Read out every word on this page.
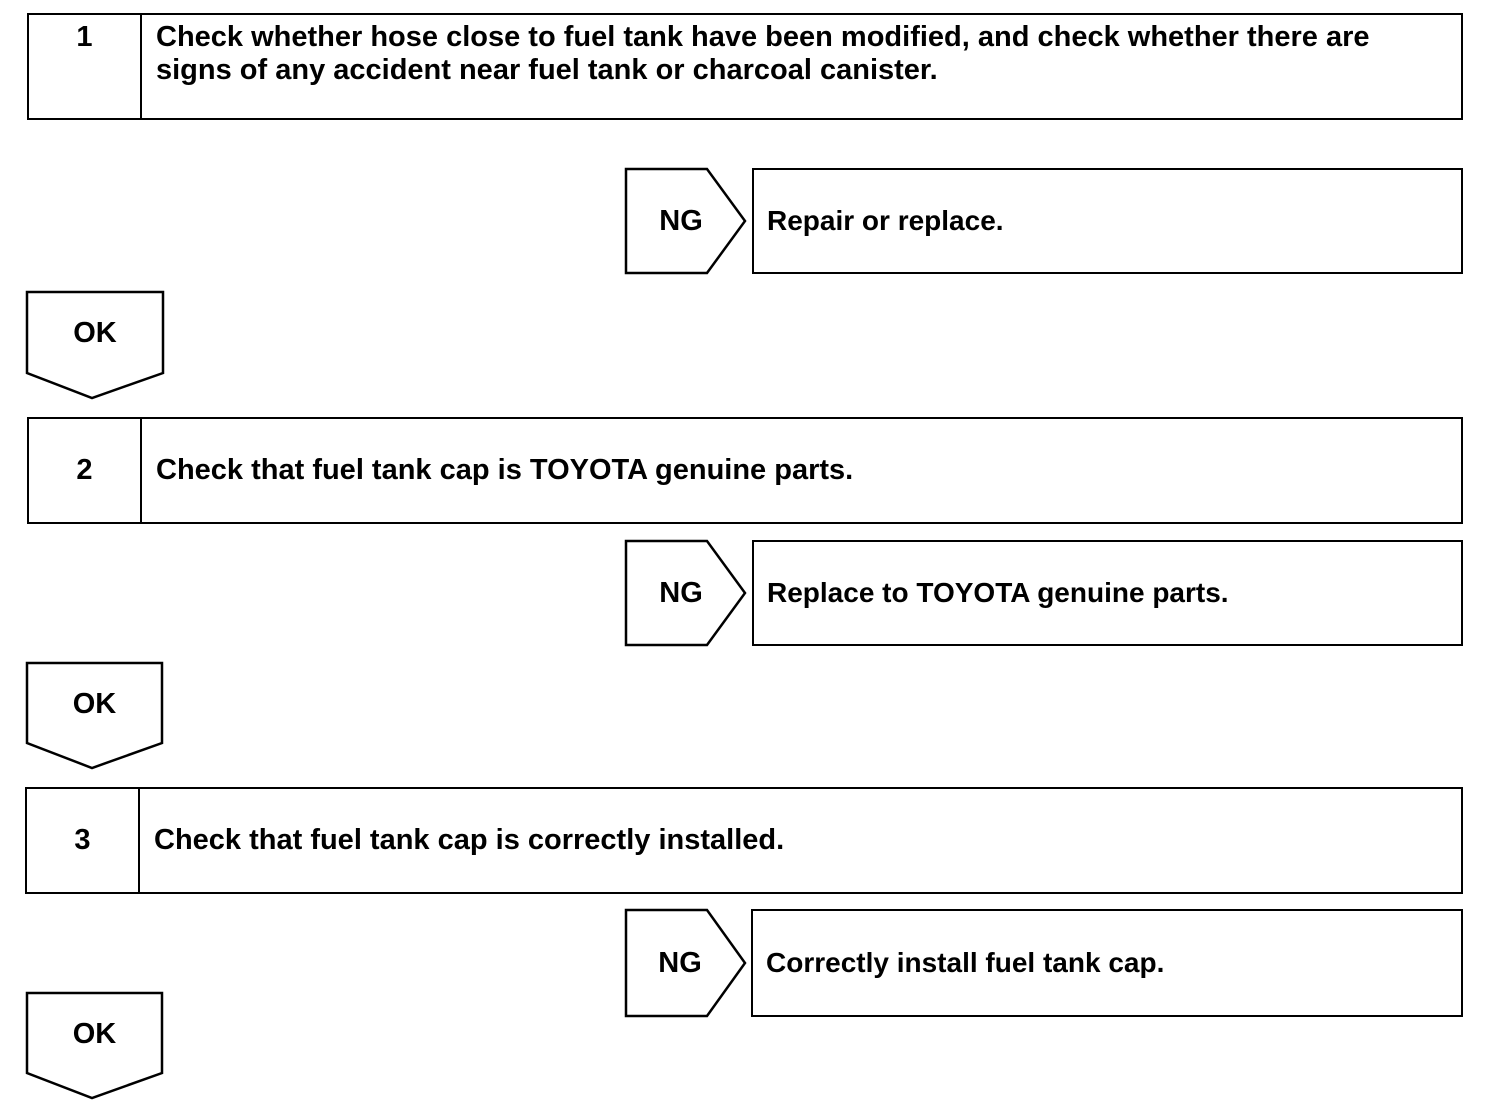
1	Check whether hose close to fuel tank have been modified, and check whether there are signs of any accident near fuel tank or charcoal canister.
NG	Repair or replace.
OK
2	Check that fuel tank cap is TOYOTA genuine parts.
NG	Replace to TOYOTA genuine parts.
OK
3	Check that fuel tank cap is correctly installed.
NG	Correctly install fuel tank cap.
OK
